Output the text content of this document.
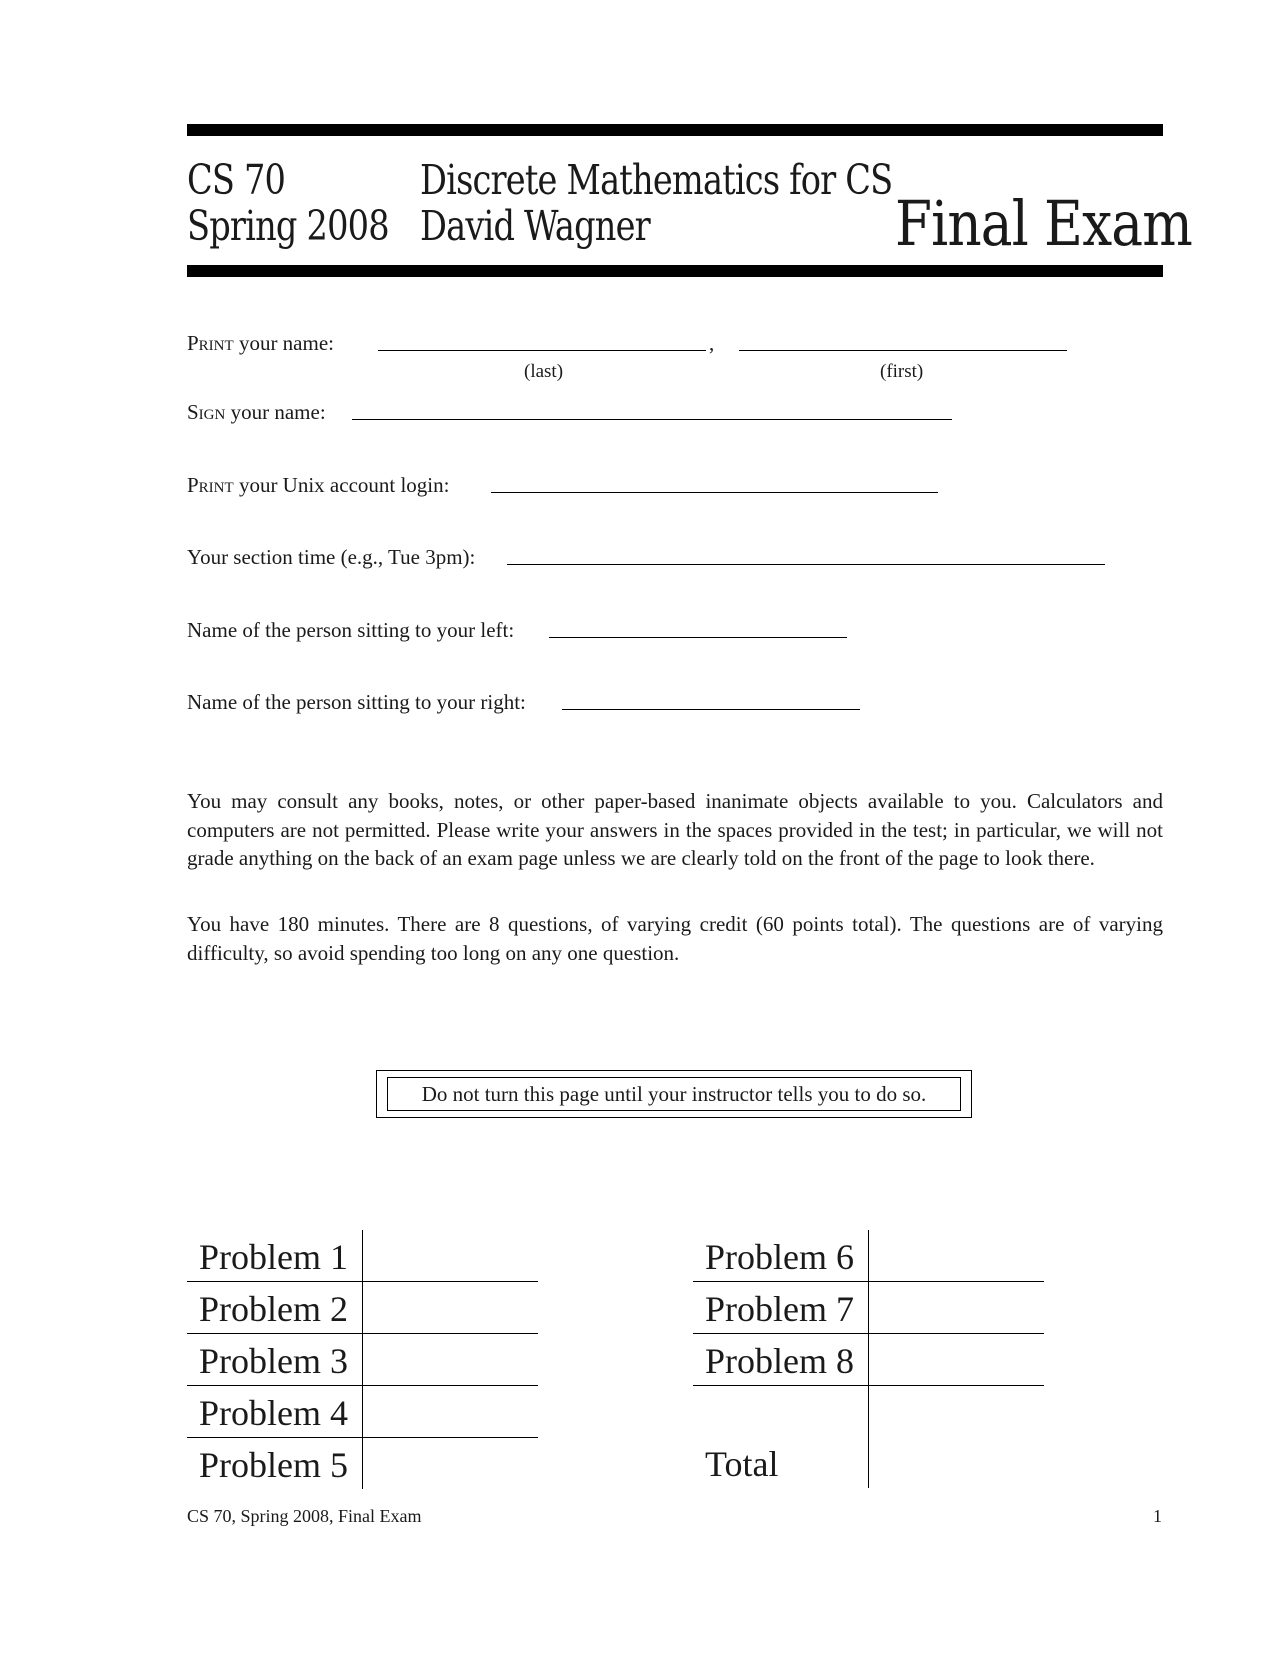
CS 70
Spring 2008
Discrete Mathematics for CS
David Wagner	Final Exam
Print your name:	,
(last)	(first)
Sign your name:
Print your Unix account login:
Your section time (e.g., Tue 3pm):
Name of the person sitting to your left:
Name of the person sitting to your right:

You may consult any books, notes, or other paper-based inanimate objects available to you. Calculators and computers are not permitted. Please write your answers in the spaces provided in the test; in particular, we will not grade anything on the back of an exam page unless we are clearly told on the front of the page to look there.

You have 180 minutes. There are 8 questions, of varying credit (60 points total). The questions are of varying difficulty, so avoid spending too long on any one question.

Do not turn this page until your instructor tells you to do so.
Problem 1	
Problem 2	
Problem 3	
Problem 4	
Problem 5	
Problem 6	
Problem 7	
Problem 8	

Total	
CS 70, Spring 2008, Final Exam	1
